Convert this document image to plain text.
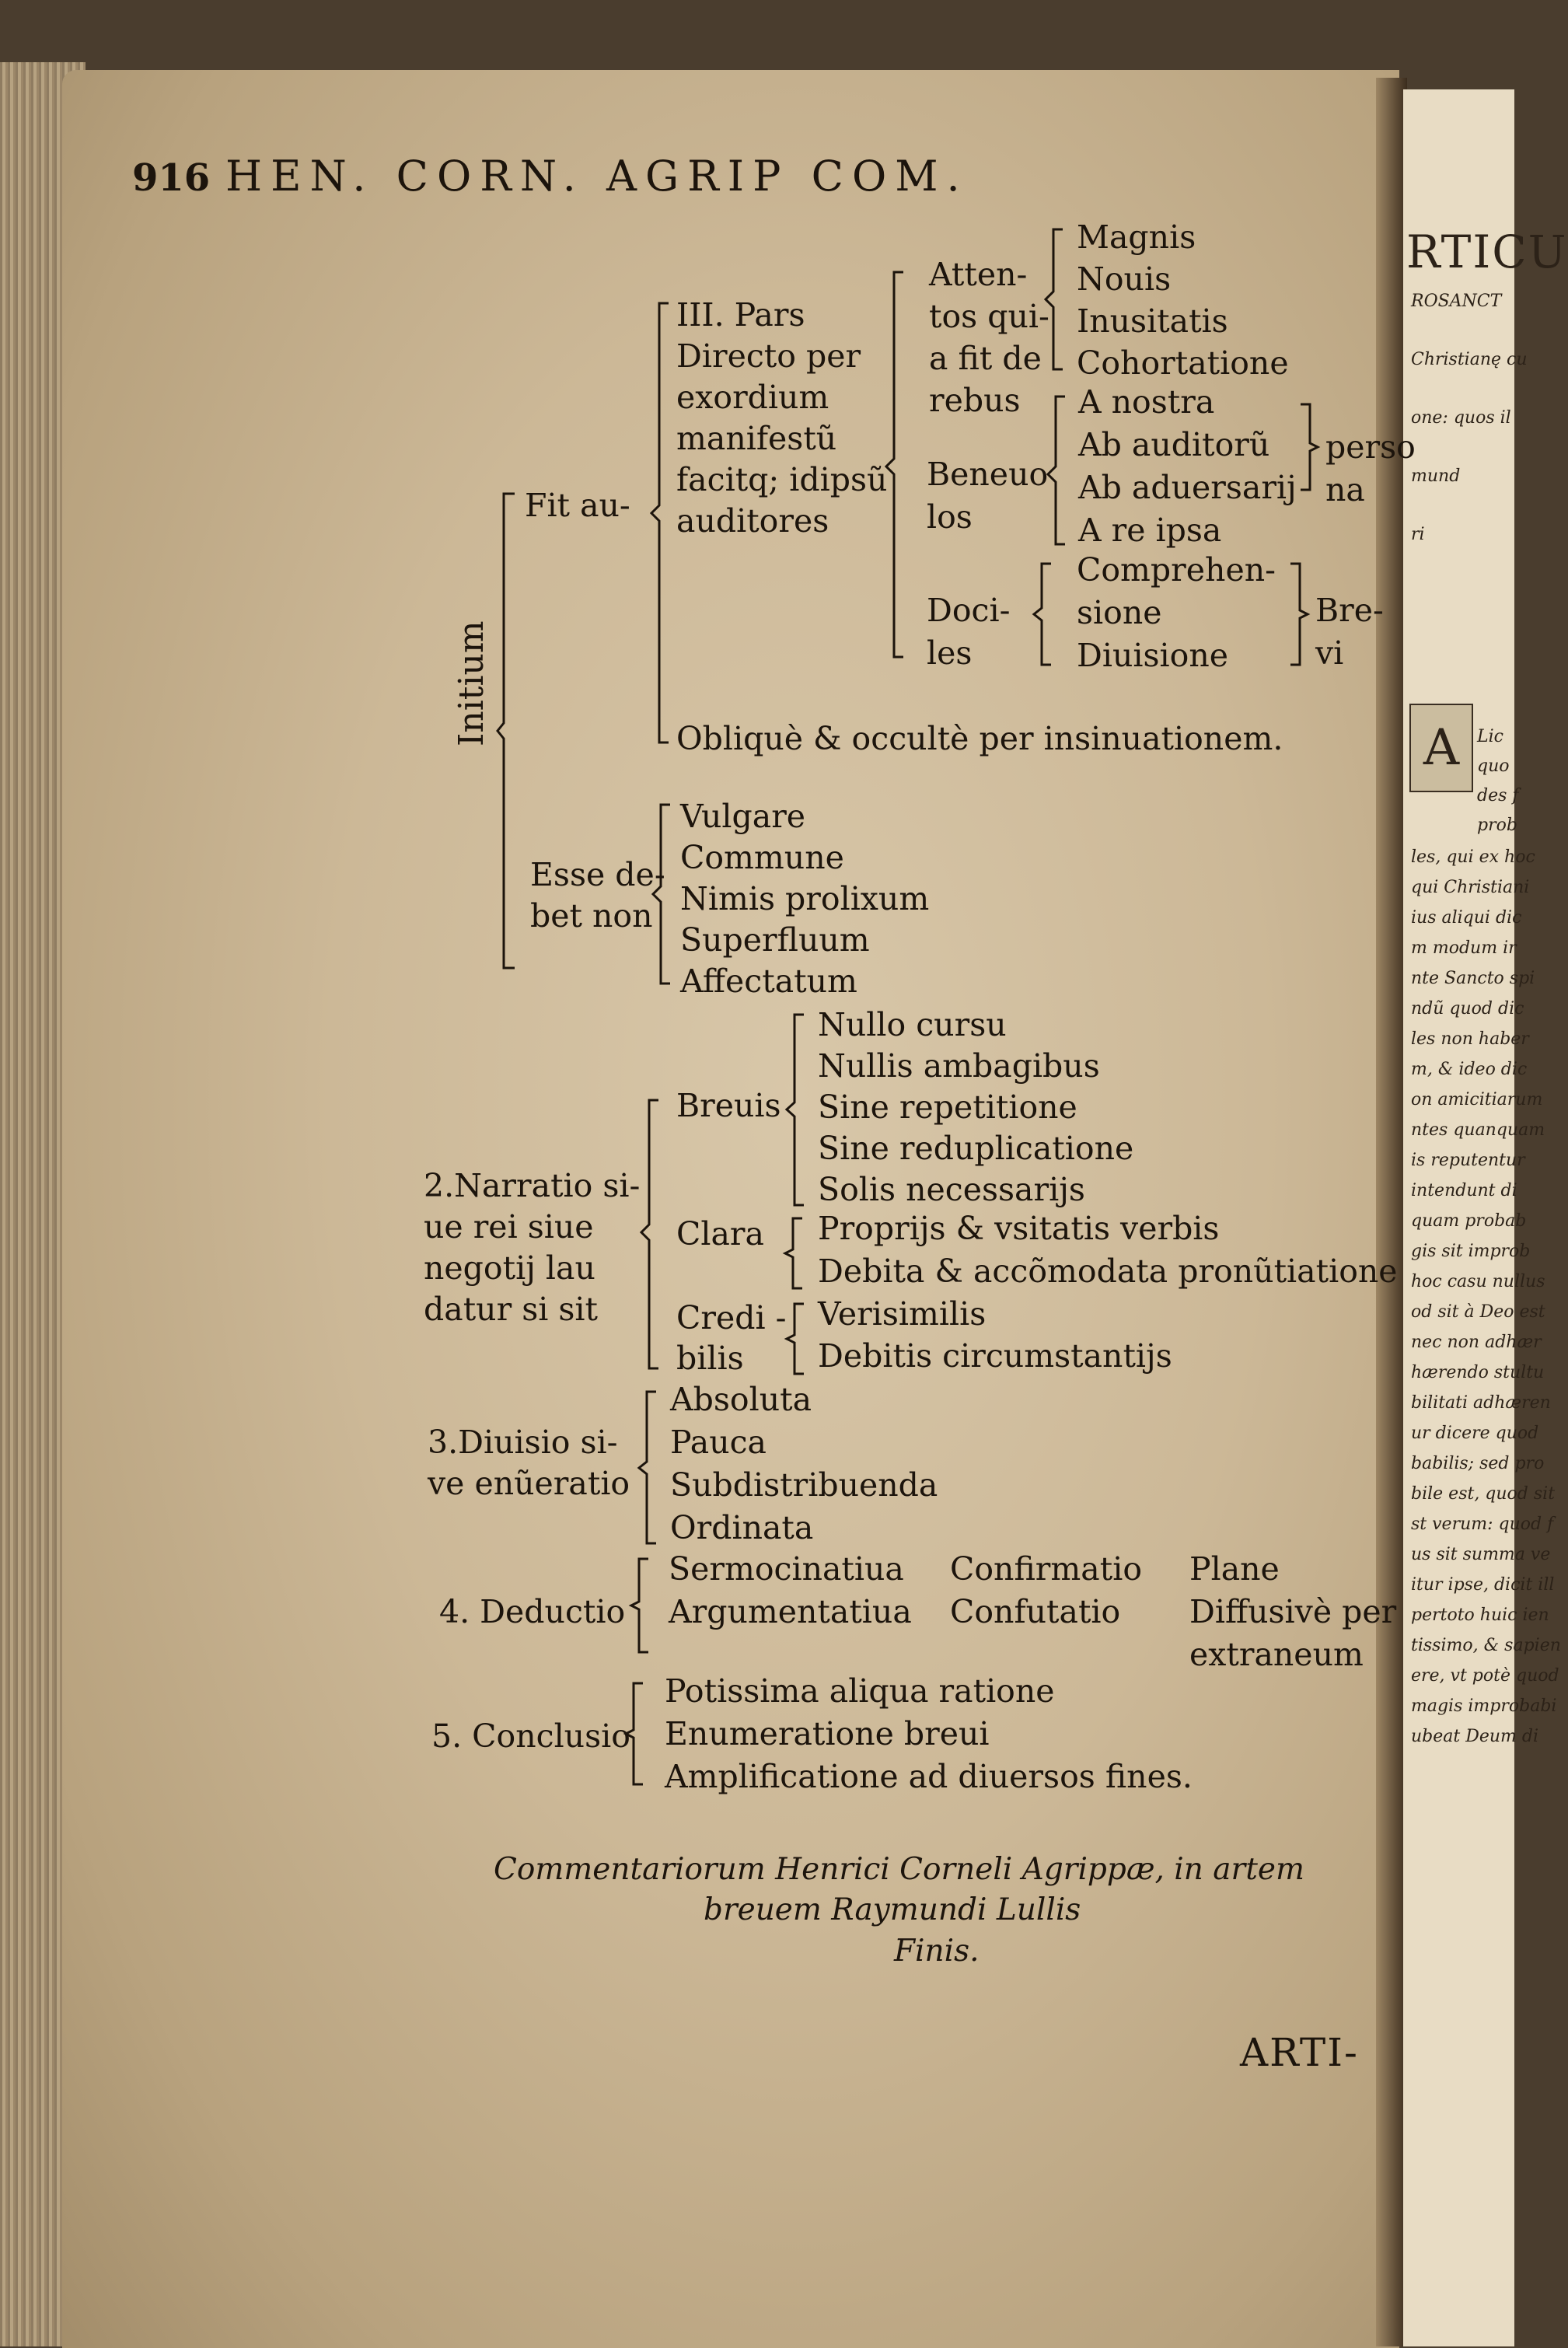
RTICU
A
ROSANCT
Christianę cu
one: quos il
mund
ri
Lic
quo
des f
prob
les, qui ex hoc
qui Christiani
ius aliqui dic
m modum ir
nte Sancto spi
ndũ quod dic
les non haber
m, & ideo dic
on amicitiarum
ntes quanquam
is reputentur
intendunt di
quam probab
gis sit improb
hoc casu nullus
od sit à Deo est
nec non adhær
hærendo stultu
bilitati adhæren
ur dicere quod
babilis; sed pro
bile est, quod sit
st verum: quod f
us sit summa ve
itur ipse, dicit ill
pertoto huic ien
tissimo, & sapien
ere, vt potè quod
magis improbabi
ubeat Deum di
916 HEN. CORN. AGRIP COM.
Initium
Fit au-
Esse de-
bet non
III. Pars
Directo per
exordium
manifestũ
facitq; idipsũ
auditores
Atten-
tos qui-
a fit de
rebus
Magnis
Nouis
Inusitatis
Cohortatione
Beneuo
los
A nostra
Ab auditorũ
Ab aduersarij
A re ipsa
perso
na
Doci-
les
Comprehen-
sione
Diuisione
Bre-
vi
Obliquè & occultè per insinuationem.
Vulgare
Commune
Nimis prolixum
Superfluum
Affectatum
2.Narratio si-
ue rei siue
negotij lau
datur si sit
Breuis
Nullo cursu
Nullis ambagibus
Sine repetitione
Sine reduplicatione
Solis necessarijs
Clara Proprijs & vsitatis verbis
Debita & accõmodata pronũtiatione
Credi -
bilis
Verisimilis
Debitis circumstantijs
3.Diuisio si-
ve enũeratio
Absoluta
Pauca
Subdistribuenda
Ordinata
4. Deductio
Sermocinatiua
Argumentatiua
Confirmatio
Confutatio
Plane
Diffusivè per
extraneum
5. Conclusio
Potissima aliqua ratione
Enumeratione breui
Amplificatione ad diuersos fines.
Commentariorum Henrici Corneli Agrippæ, in artem
breuem Raymundi Lullis
Finis.
ARTI-
